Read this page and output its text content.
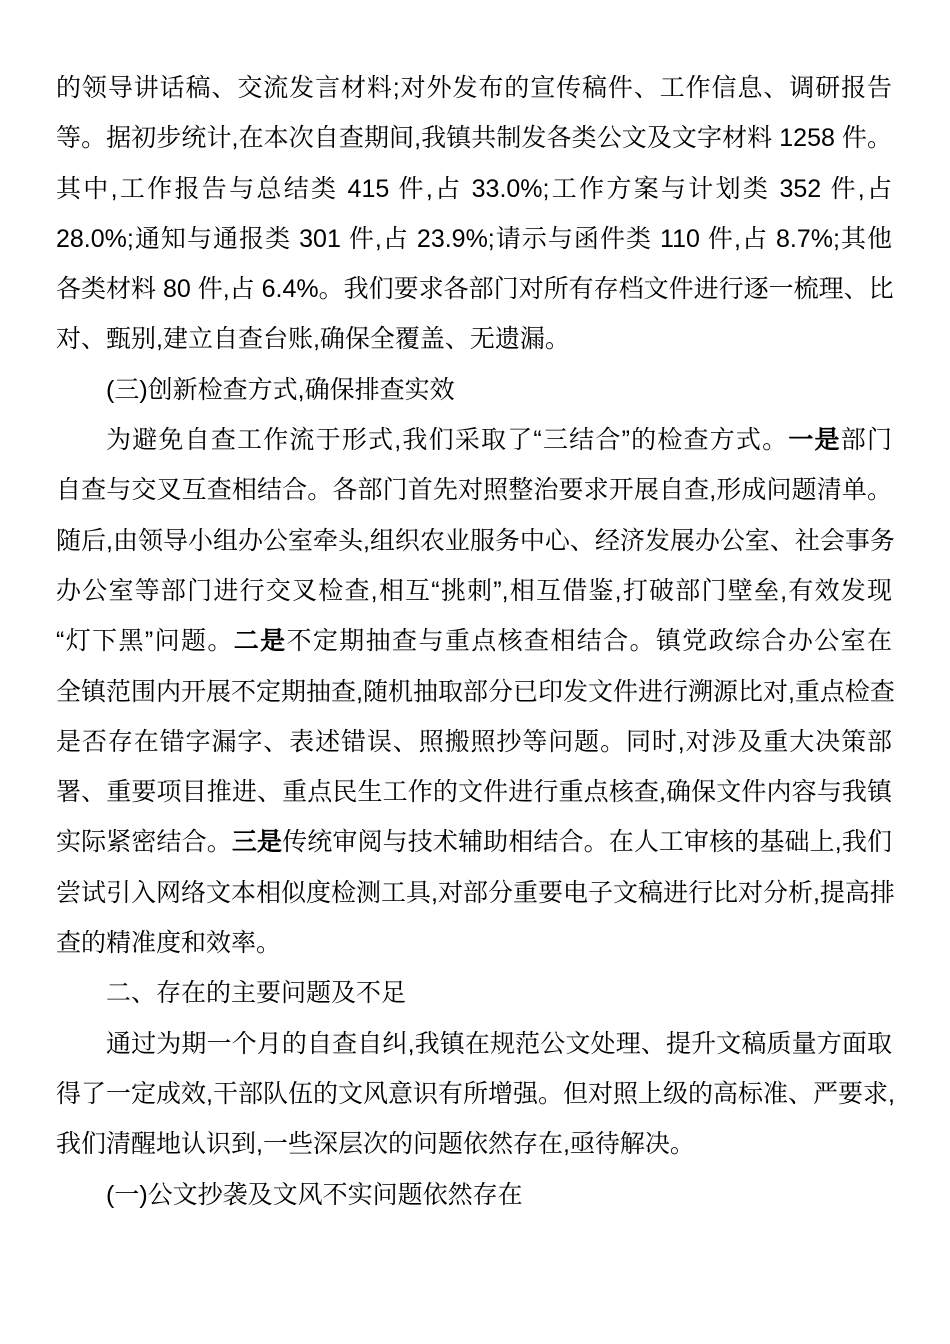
的领导讲话稿、交流发言材料;对外发布的宣传稿件、工作信息、调研报告
等。据初步统计,在本次自查期间,我镇共制发各类公文及文字材料 1258 件。
其中,工作报告与总结类 415 件,占 33.0%;工作方案与计划类 352 件,占
28.0%;通知与通报类 301 件,占 23.9%;请示与函件类 110 件,占 8.7%;其他
各类材料 80 件,占 6.4%。我们要求各部门对所有存档文件进行逐一梳理、比
对、甄别,建立自查台账,确保全覆盖、无遗漏。
(三)创新检查方式,确保排查实效
为避免自查工作流于形式,我们采取了“三结合”的检查方式。一是部门
自查与交叉互查相结合。各部门首先对照整治要求开展自查,形成问题清单。
随后,由领导小组办公室牵头,组织农业服务中心、经济发展办公室、社会事务
办公室等部门进行交叉检查,相互“挑刺”,相互借鉴,打破部门壁垒,有效发现
“灯下黑”问题。二是不定期抽查与重点核查相结合。镇党政综合办公室在
全镇范围内开展不定期抽查,随机抽取部分已印发文件进行溯源比对,重点检查
是否存在错字漏字、表述错误、照搬照抄等问题。同时,对涉及重大决策部
署、重要项目推进、重点民生工作的文件进行重点核查,确保文件内容与我镇
实际紧密结合。三是传统审阅与技术辅助相结合。在人工审核的基础上,我们
尝试引入网络文本相似度检测工具,对部分重要电子文稿进行比对分析,提高排
查的精准度和效率。
二、存在的主要问题及不足
通过为期一个月的自查自纠,我镇在规范公文处理、提升文稿质量方面取
得了一定成效,干部队伍的文风意识有所增强。但对照上级的高标准、严要求,
我们清醒地认识到,一些深层次的问题依然存在,亟待解决。
(一)公文抄袭及文风不实问题依然存在
